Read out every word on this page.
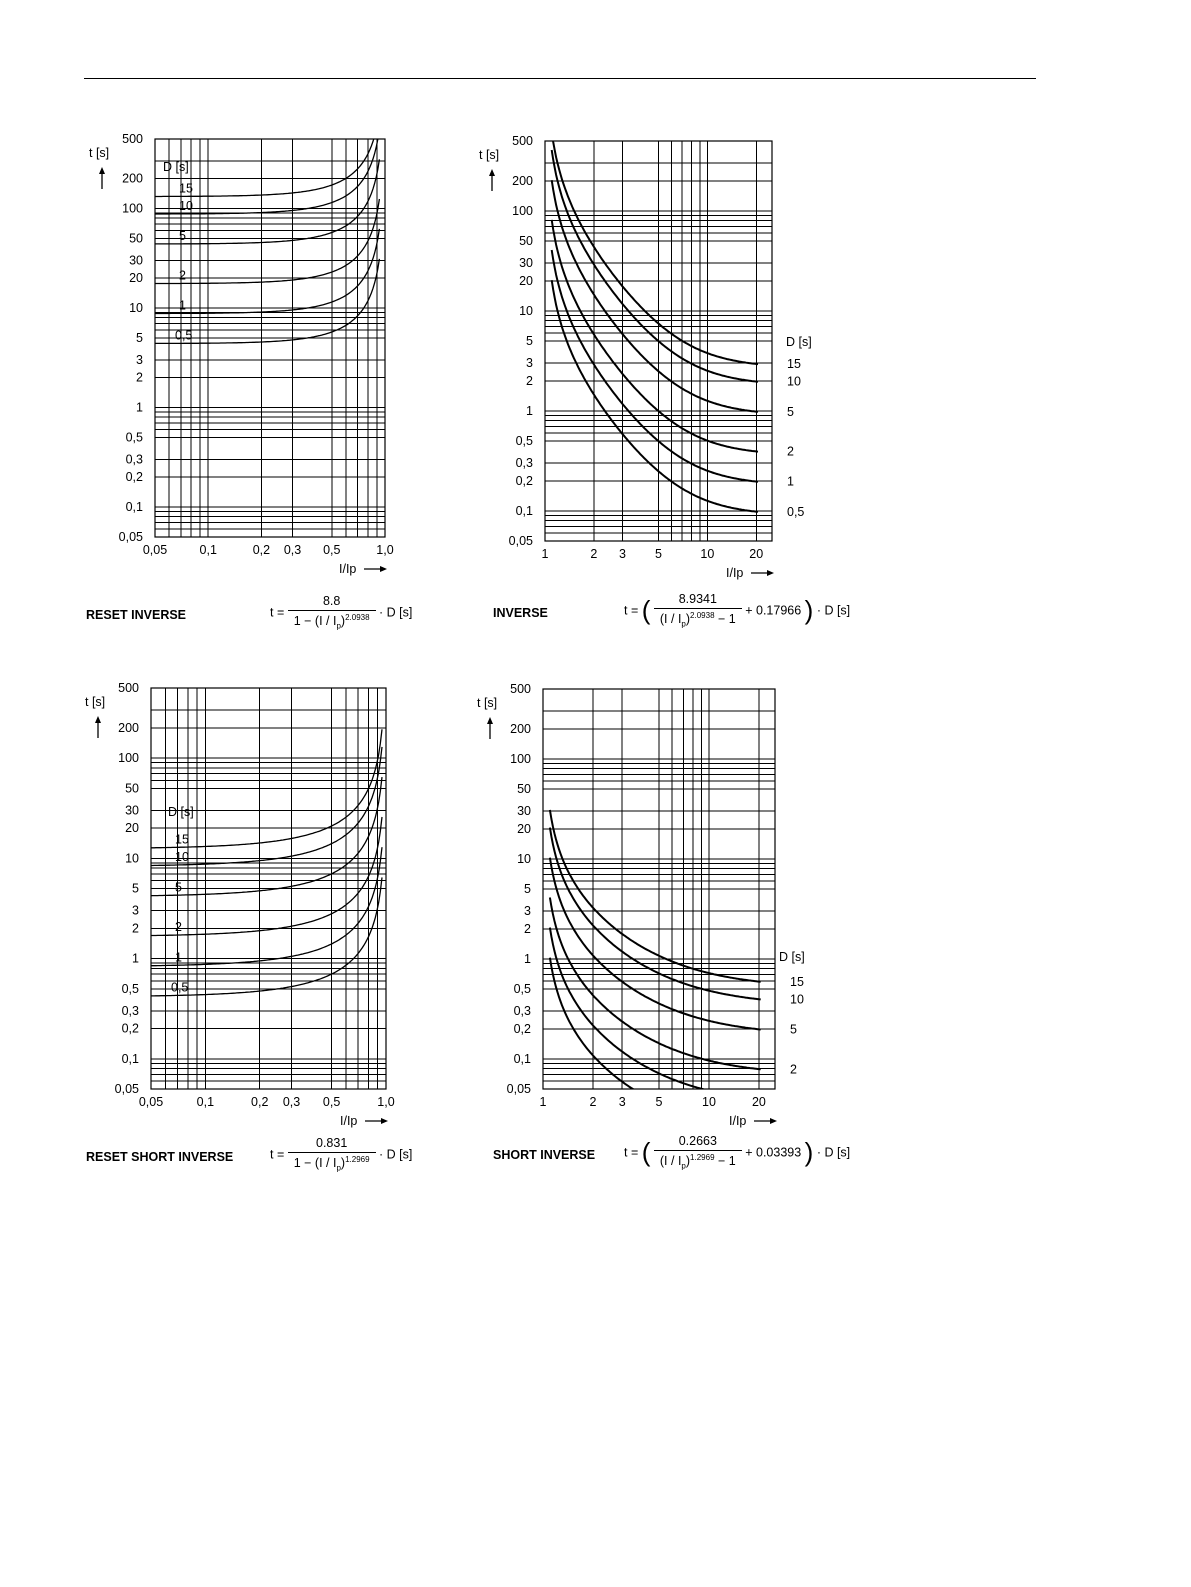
500
200
100
50
30
20
10
5
3
2
1
0,5
0,3
0,2
0,1
0,05
0,05	0,1	0,2 0,3 0,5	1,0
t [s]
I/Ip
D [s]
15
10
5
2
1
0,5
500
200
100
50
30
20
10
5
3
2
1
0,5
0,3
0,2
0,1
0,05
1	2 3 5	10	20
t [s]
I/Ip
D [s]
15
10
5
2
1
0,5
500
200
100
50
30
20
10
5
3
2
1
0,5
0,3
0,2
0,1
0,05
0,05	0,1	0,2 0,3 0,5	1,0
t [s]
I/Ip
D [s]
15
10
5
2
1
0,5
500
200
100
50
30
20
10
5
3
2
1
0,5
0,3
0,2
0,1
0,05
1	2 3 5	10	20
t [s]
I/Ip
D [s]
15
10
5
2
RESET INVERSE	INVERSE
RESET SHORT INVERSE	SHORT INVERSE
$t = \frac{8.8}{1 - (I / I_p)^{2.0938}} \cdot D$ [s]	t = ( $\frac{8.9341}{(I / I_p)^{2.0938} - 1} + 0.17966$ ) · D [s]
$t = \frac{0.831}{1 - (I / I_p)^{1.2969}} \cdot D$ [s]	t = ( $\frac{0.2663}{(I / I_p)^{1.2969} - 1} + 0.03393$ ) · D [s]
